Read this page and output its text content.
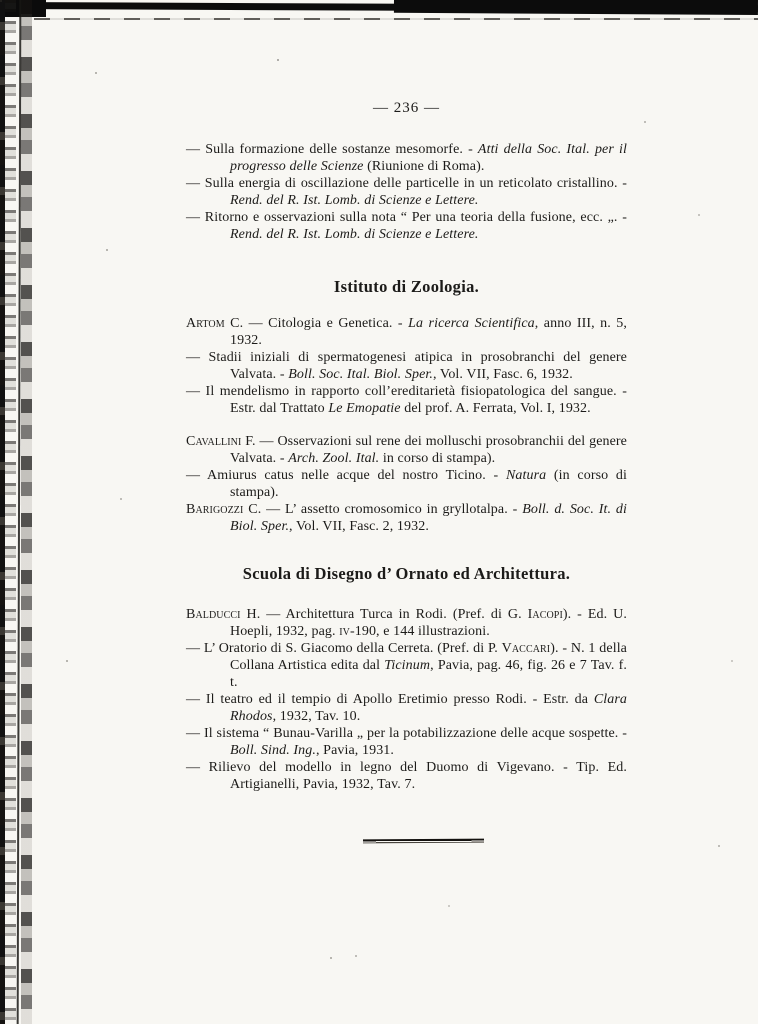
— 236 —

— Sulla formazione delle sostanze mesomorfe. - Atti della Soc. Ital. per il progresso delle Scienze (Riunione di Roma).

— Sulla energia di oscillazione delle particelle in un reticolato cristallino. - Rend. del R. Ist. Lomb. di Scienze e Lettere.

— Ritorno e osservazioni sulla nota “ Per una teoria della fusione, ecc. „. - Rend. del R. Ist. Lomb. di Scienze e Lettere.

Istituto di Zoologia.

Artom C. — Citologia e Genetica. - La ricerca Scientifica, anno III, n. 5, 1932.

— Stadii iniziali di spermatogenesi atipica in prosobranchi del genere Valvata. - Boll. Soc. Ital. Biol. Sper., Vol. VII, Fasc. 6, 1932.

— Il mendelismo in rapporto coll’ereditarietà fisiopatologica del sangue. - Estr. dal Trattato Le Emopatie del prof. A. Ferrata, Vol. I, 1932.

Cavallini F. — Osservazioni sul rene dei molluschi prosobranchii del genere Valvata. - Arch. Zool. Ital. in corso di stampa).

— Amiurus catus nelle acque del nostro Ticino. - Natura (in corso di stampa).

Barigozzi C. — L’ assetto cromosomico in gryllotalpa. - Boll. d. Soc. It. di Biol. Sper., Vol. VII, Fasc. 2, 1932.

Scuola di Disegno d’ Ornato ed Architettura.

Balducci H. — Architettura Turca in Rodi. (Pref. di G. Iacopi). - Ed. U. Hoepli, 1932, pag. iv-190, e 144 illustrazioni.

— L’ Oratorio di S. Giacomo della Cerreta. (Pref. di P. Vaccari). - N. 1 della Collana Artistica edita dal Ticinum, Pavia, pag. 46, fig. 26 e 7 Tav. f. t.

— Il teatro ed il tempio di Apollo Eretimio presso Rodi. - Estr. da Clara Rhodos, 1932, Tav. 10.

— Il sistema “ Bunau-Varilla „ per la potabilizzazione delle acque sospette. - Boll. Sind. Ing., Pavia, 1931.

— Rilievo del modello in legno del Duomo di Vigevano. - Tip. Ed. Artigianelli, Pavia, 1932, Tav. 7.
